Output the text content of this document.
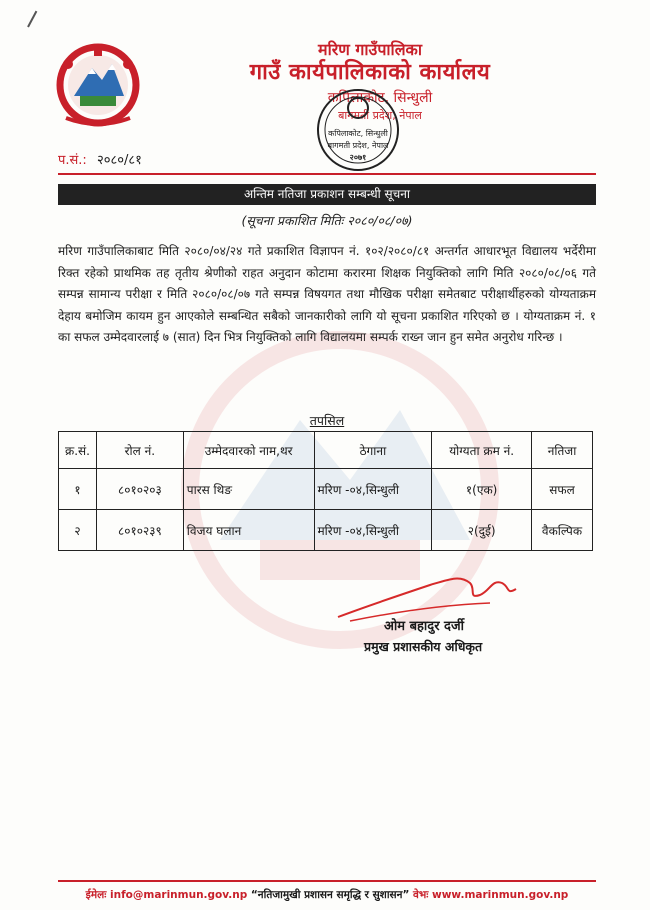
मरिण गाउँपालिका
गाउँ कार्यपालिकाको कार्यालय
कपिलाकोट, सिन्धुली
बागमती प्रदेश, नेपाल
कपिलाकोट, सिन्धुली
बागमती प्रदेश, नेपाल
२०७१
प.सं.: २०८०/८१
अन्तिम नतिजा प्रकाशन सम्बन्धी सूचना
(सूचना प्रकाशित मितिः २०८०/०८/०७)
मरिण गाउँपालिकाबाट मिति २०८०/०४/२४ गते प्रकाशित विज्ञापन नं. १०२/२०८०/८१ अन्तर्गत आधारभूत विद्यालय भर्देरीमा रिक्त रहेको प्राथमिक तह तृतीय श्रेणीको राहत अनुदान कोटामा करारमा शिक्षक नियुक्तिको लागि मिति २०८०/०८/०६ गते सम्पन्न सामान्य परीक्षा र मिति २०८०/०८/०७ गते सम्पन्न विषयगत तथा मौखिक परीक्षा समेतबाट परीक्षार्थीहरुको योग्यताक्रम देहाय बमोजिम कायम हुन आएकोले सम्बन्धित सबैको जानकारीको लागि यो सूचना प्रकाशित गरिएको छ । योग्यताक्रम नं. १ का सफल उम्मेदवारलाई ७ (सात) दिन भित्र नियुक्तिको लागि विद्यालयमा सम्पर्क राख्न जान हुन समेत अनुरोध गरिन्छ ।
तपसिल
क्र.सं.	रोल नं.	उम्मेदवारको नाम,थर	ठेगाना	योग्यता क्रम नं.	नतिजा
१	८०१०२०३	पारस थिङ	मरिण -०४,सिन्धुली	१(एक)	सफल
२	८०१०२३९	विजय घलान	मरिण -०४,सिन्धुली	२(दुई)	वैकल्पिक
ओम बहादुर दर्जी
प्रमुख प्रशासकीय अधिकृत
ईमेलः info@marinmun.gov.np “नतिजामुखी प्रशासन समृद्धि र सुशासन” वेभः www.marinmun.gov.np
